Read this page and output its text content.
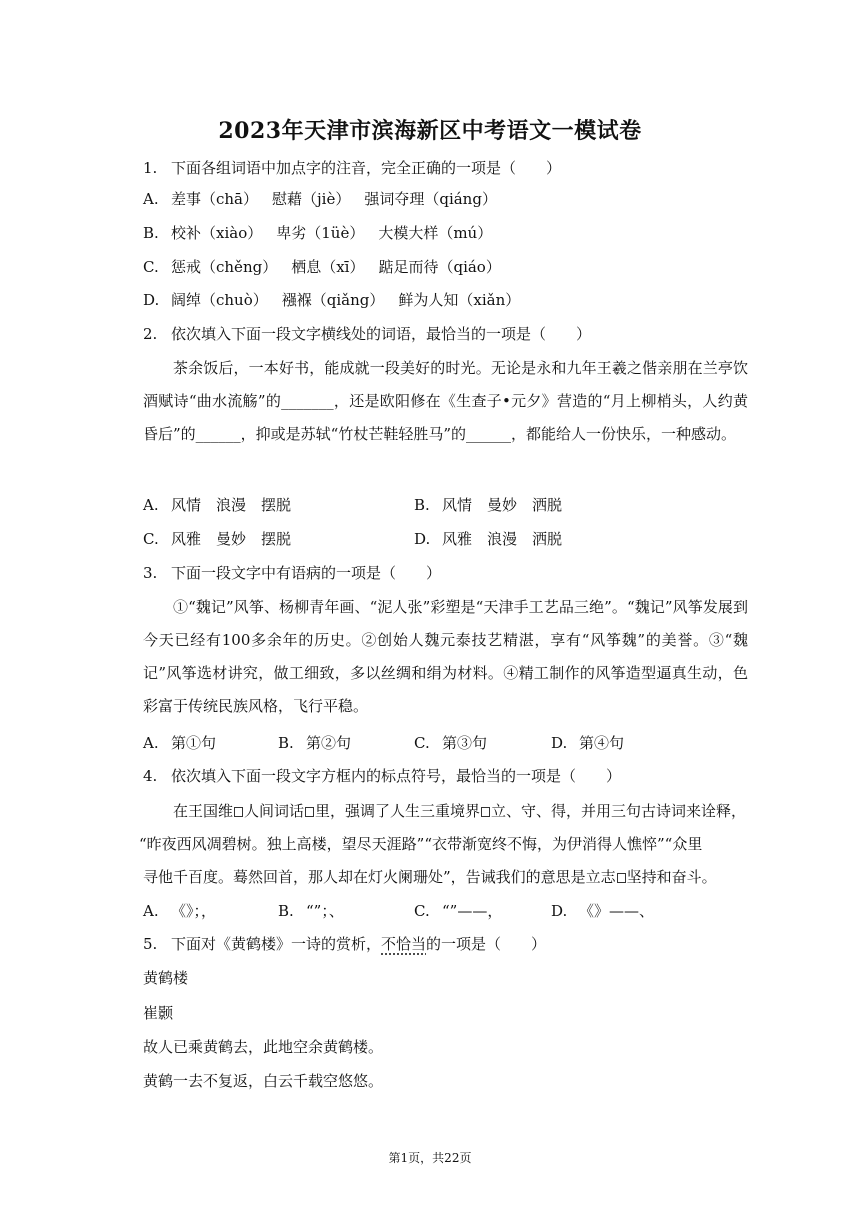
2023年天津市滨海新区中考语文一模试卷
1. 下面各组词语中加点字的注音，完全正确的一项是（　　）
A. 差事（chā） 慰藉（jiè） 强词夺理（qiáng）
B. 校补（xiào） 卑劣（1üè） 大模大样（mú）
C. 惩戒（chěng） 栖息（xī） 踮足而待（qiáo）
D. 阔绰（chuò） 襁褓（qiǎng） 鲜为人知（xiǎn）
2. 依次填入下面一段文字横线处的词语，最恰当的一项是（　　）
茶余饭后，一本好书，能成就一段美好的时光。无论是永和九年王羲之偕亲朋在兰亭饮酒赋诗“曲水流觞”的_______，还是欧阳修在《生查子•元夕》营造的“月上柳梢头，人约黄昏后”的______，抑或是苏轼“竹杖芒鞋轻胜马”的______，都能给人一份快乐，一种感动。
A. 风情　浪漫　摆脱	B. 风情　曼妙　洒脱
C. 风雅　曼妙　摆脱	D. 风雅　浪漫　洒脱
3. 下面一段文字中有语病的一项是（　　）
①“魏记”风筝、杨柳青年画、“泥人张”彩塑是“天津手工艺品三绝”。“魏记”风筝发展到今天已经有100多余年的历史。②创始人魏元泰技艺精湛，享有“风筝魏”的美誉。③“魏记”风筝选材讲究，做工细致，多以丝绸和绢为材料。④精工制作的风筝造型逼真生动，色彩富于传统民族风格，飞行平稳。
A. 第①句	B. 第②句	C. 第③句	D. 第④句
4. 依次填入下面一段文字方框内的标点符号，最恰当的一项是（　　）
在王国维 人间词话 里，强调了人生三重境界 立、守、得，并用三句古诗词来诠释，
“昨夜西风凋碧树。独上高楼，望尽天涯路”“衣带渐宽终不悔，为伊消得人憔悴”“众里
寻他千百度。蓦然回首，那人却在灯火阑珊处”，告诫我们的意思是立志 坚持和奋斗。
A. 《》；，	B. “”；、	C. “”——，	D. 《》——、
5. 下面对《黄鹤楼》一诗的赏析，不恰当的一项是（　　）
黄鹤楼
崔颢
故人已乘黄鹤去，此地空余黄鹤楼。
黄鹤一去不复返，白云千载空悠悠。
第1页，共22页
